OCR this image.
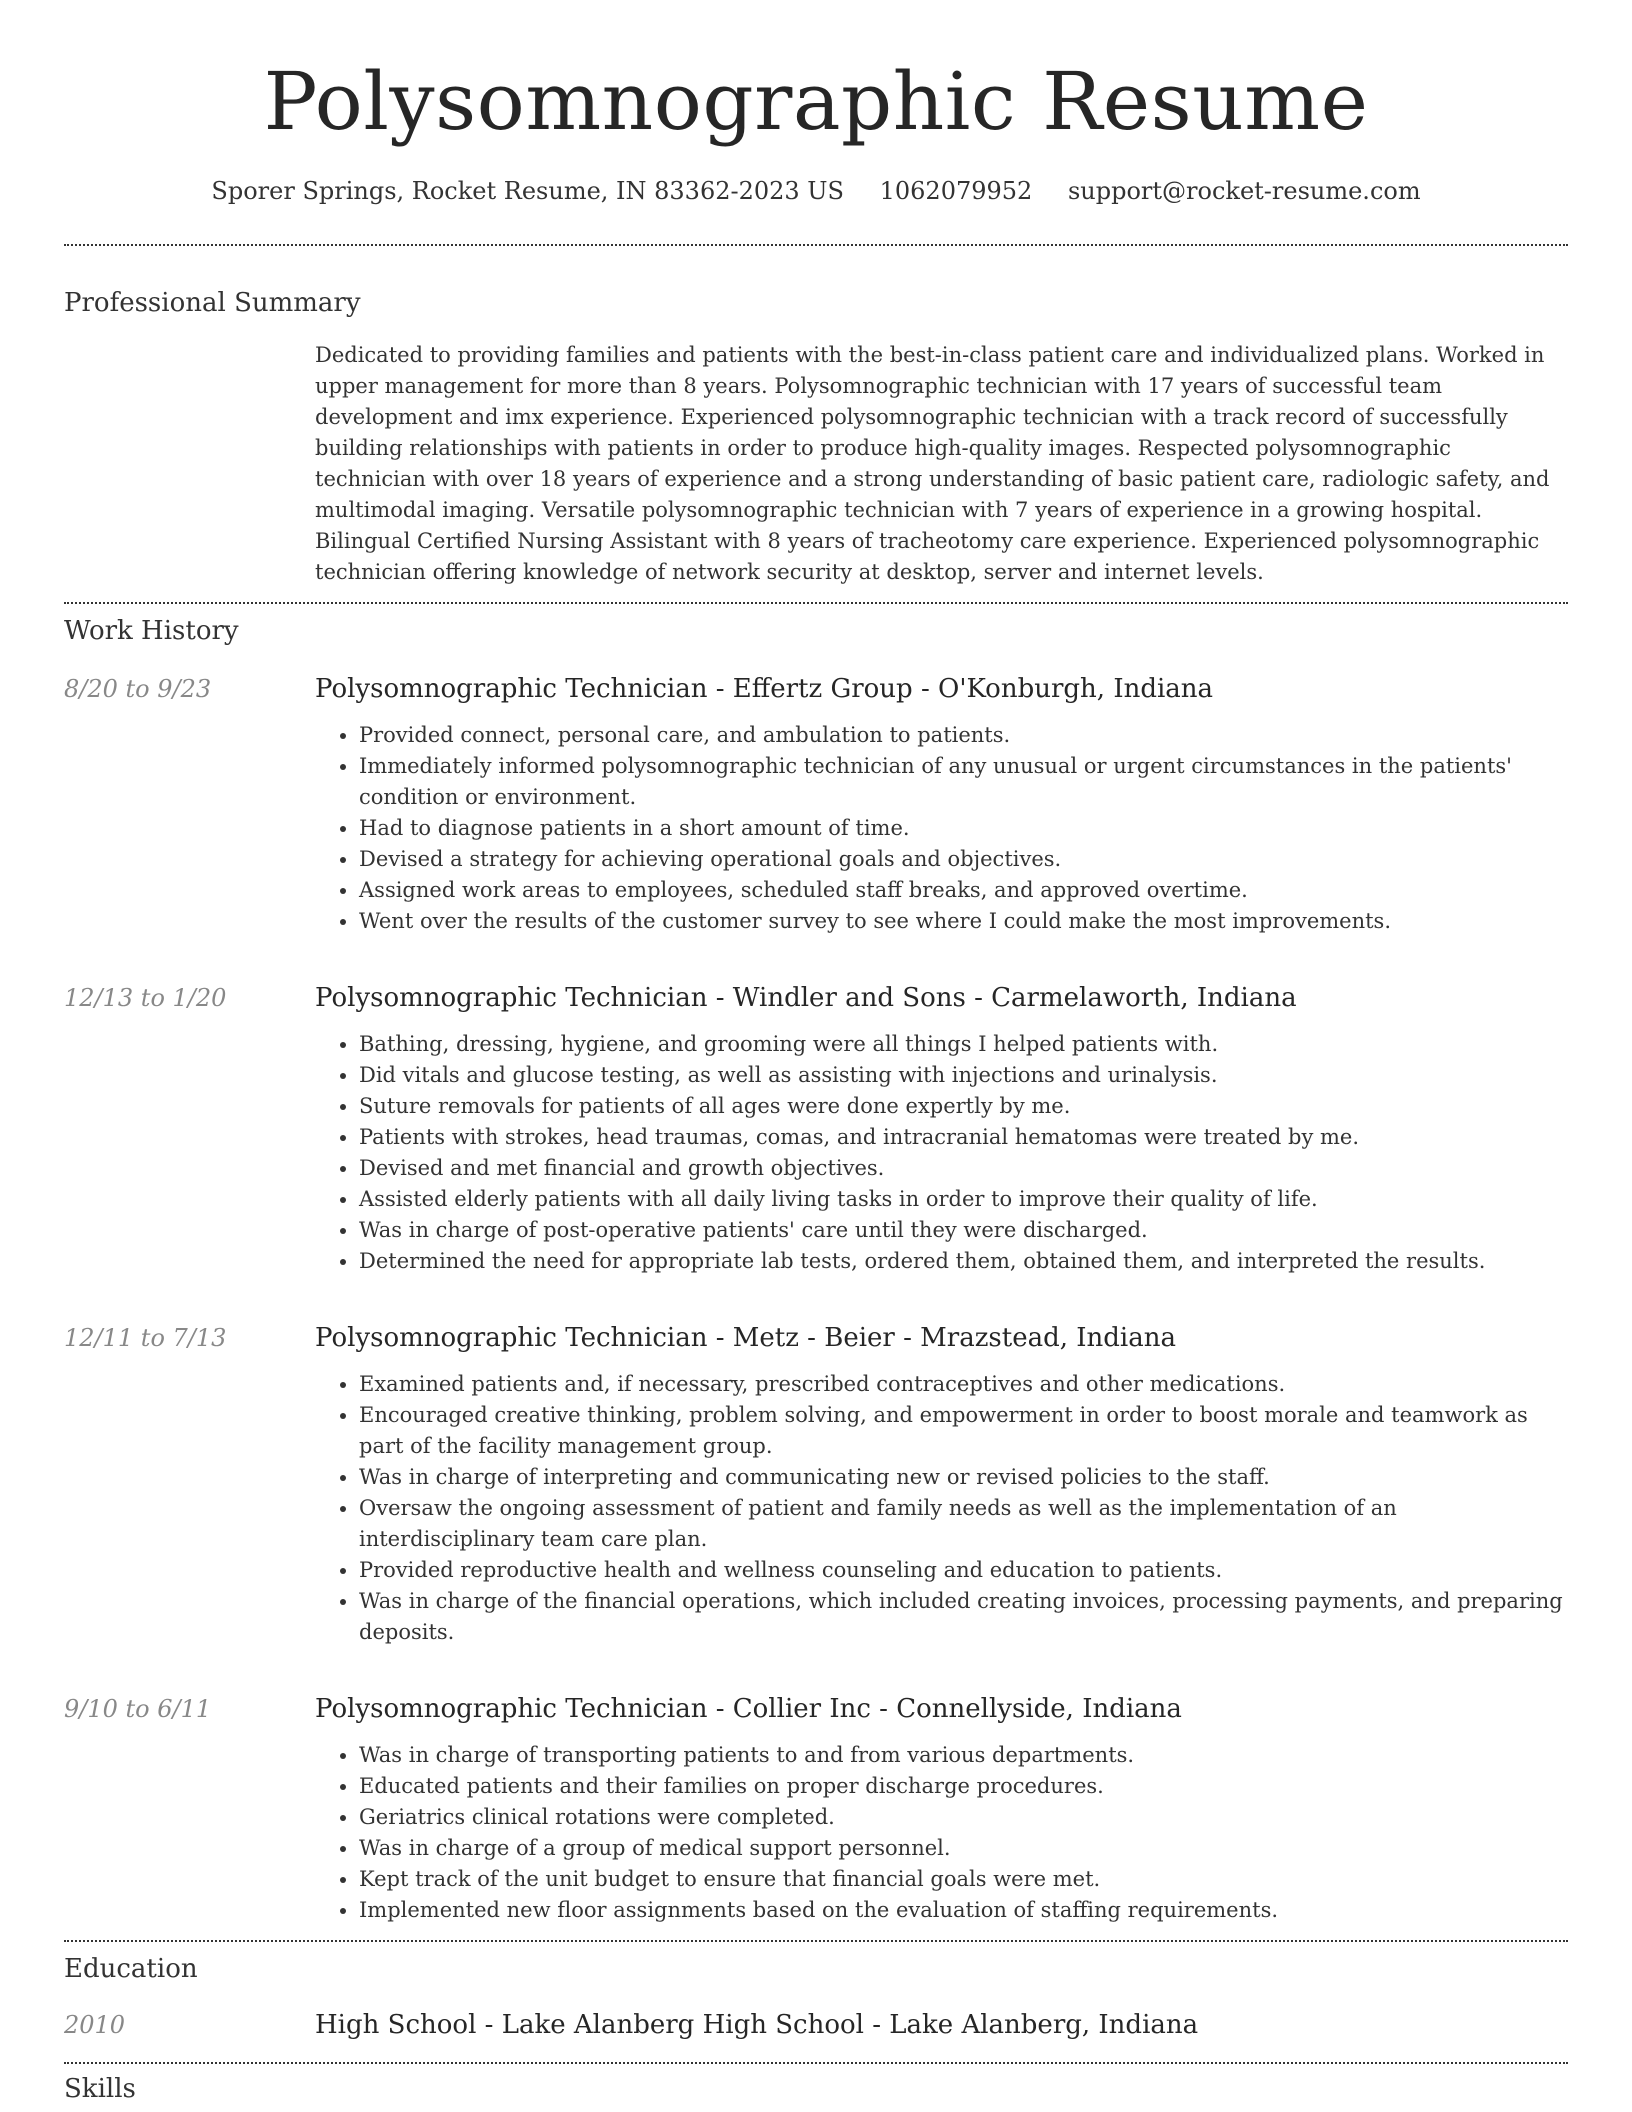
Polysomnographic Resume
Sporer Springs, Rocket Resume, IN 83362-2023 US 1062079952 support@rocket-resume.com
Professional Summary

Dedicated to providing families and patients with the best-in-class patient care and individualized plans. Worked in upper management for more than 8 years. Polysomnographic technician with 17 years of successful team development and imx experience. Experienced polysomnographic technician with a track record of successfully building relationships with patients in order to produce high-quality images. Respected polysomnographic technician with over 18 years of experience and a strong understanding of basic patient care, radiologic safety, and multimodal imaging. Versatile polysomnographic technician with 7 years of experience in a growing hospital. Bilingual Certified Nursing Assistant with 8 years of tracheotomy care experience. Experienced polysomnographic technician offering knowledge of network security at desktop, server and internet levels.

Work History
8/20 to 9/23	Polysomnographic Technician - Effertz Group - O'Konburgh, Indiana
• Provided connect, personal care, and ambulation to patients.
• Immediately informed polysomnographic technician of any unusual or urgent circumstances in the patients' condition or environment.
• Had to diagnose patients in a short amount of time.
• Devised a strategy for achieving operational goals and objectives.
• Assigned work areas to employees, scheduled staff breaks, and approved overtime.
• Went over the results of the customer survey to see where I could make the most improvements.
12/13 to 1/20	Polysomnographic Technician - Windler and Sons - Carmelaworth, Indiana
• Bathing, dressing, hygiene, and grooming were all things I helped patients with.
• Did vitals and glucose testing, as well as assisting with injections and urinalysis.
• Suture removals for patients of all ages were done expertly by me.
• Patients with strokes, head traumas, comas, and intracranial hematomas were treated by me.
• Devised and met financial and growth objectives.
• Assisted elderly patients with all daily living tasks in order to improve their quality of life.
• Was in charge of post-operative patients' care until they were discharged.
• Determined the need for appropriate lab tests, ordered them, obtained them, and interpreted the results.
12/11 to 7/13	Polysomnographic Technician - Metz - Beier - Mrazstead, Indiana
• Examined patients and, if necessary, prescribed contraceptives and other medications.
• Encouraged creative thinking, problem solving, and empowerment in order to boost morale and teamwork as part of the facility management group.
• Was in charge of interpreting and communicating new or revised policies to the staff.
• Oversaw the ongoing assessment of patient and family needs as well as the implementation of an interdisciplinary team care plan.
• Provided reproductive health and wellness counseling and education to patients.
• Was in charge of the financial operations, which included creating invoices, processing payments, and preparing deposits.
9/10 to 6/11	Polysomnographic Technician - Collier Inc - Connellyside, Indiana
• Was in charge of transporting patients to and from various departments.
• Educated patients and their families on proper discharge procedures.
• Geriatrics clinical rotations were completed.
• Was in charge of a group of medical support personnel.
• Kept track of the unit budget to ensure that financial goals were met.
• Implemented new floor assignments based on the evaluation of staffing requirements.
Education
2010	High School - Lake Alanberg High School - Lake Alanberg, Indiana
Skills
